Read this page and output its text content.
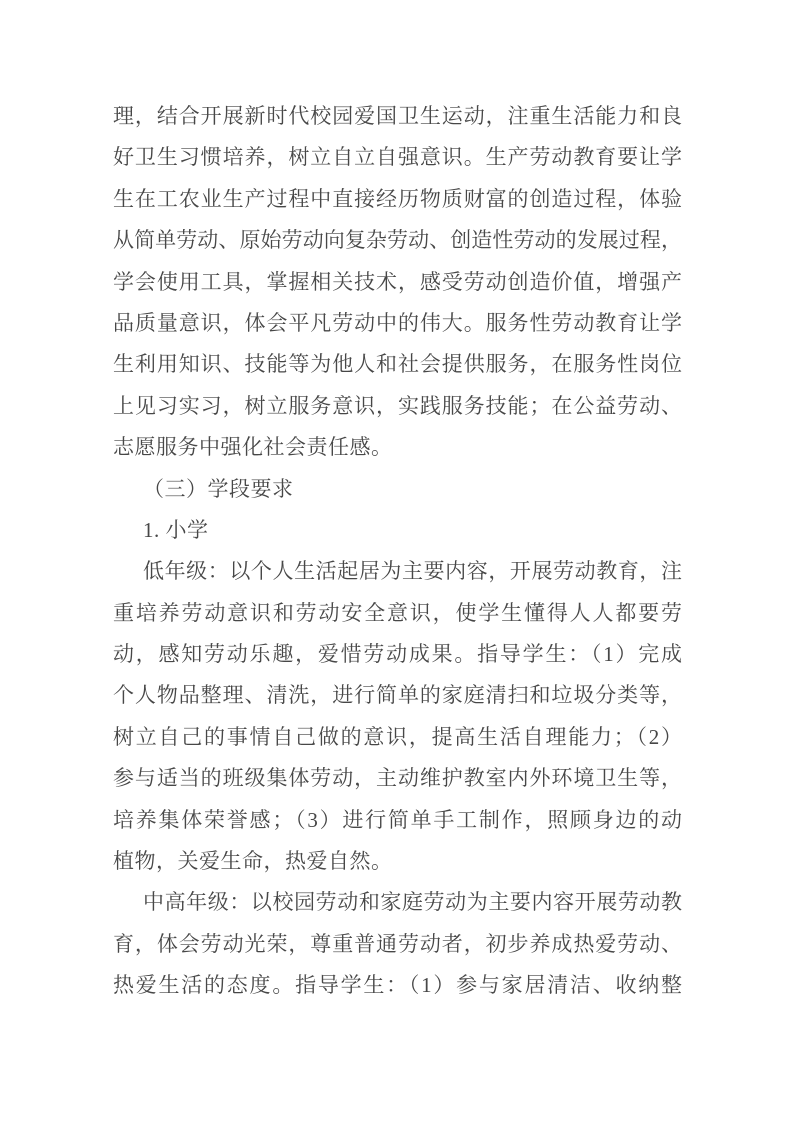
理，结合开展新时代校园爱国卫生运动，注重生活能力和良
好卫生习惯培养，树立自立自强意识。生产劳动教育要让学
生在工农业生产过程中直接经历物质财富的创造过程，体验
从简单劳动、原始劳动向复杂劳动、创造性劳动的发展过程，
学会使用工具，掌握相关技术，感受劳动创造价值，增强产
品质量意识，体会平凡劳动中的伟大。服务性劳动教育让学
生利用知识、技能等为他人和社会提供服务，在服务性岗位
上见习实习，树立服务意识，实践服务技能；在公益劳动、
志愿服务中强化社会责任感。
（三）学段要求
1. 小学
低年级：以个人生活起居为主要内容，开展劳动教育，注
重培养劳动意识和劳动安全意识，使学生懂得人人都要劳
动，感知劳动乐趣，爱惜劳动成果。指导学生：（1）完成
个人物品整理、清洗，进行简单的家庭清扫和垃圾分类等，
树立自己的事情自己做的意识，提高生活自理能力；（2）
参与适当的班级集体劳动，主动维护教室内外环境卫生等，
培养集体荣誉感；（3）进行简单手工制作，照顾身边的动
植物，关爱生命，热爱自然。
中高年级：以校园劳动和家庭劳动为主要内容开展劳动教
育，体会劳动光荣，尊重普通劳动者，初步养成热爱劳动、
热爱生活的态度。指导学生：（1）参与家居清洁、收纳整
